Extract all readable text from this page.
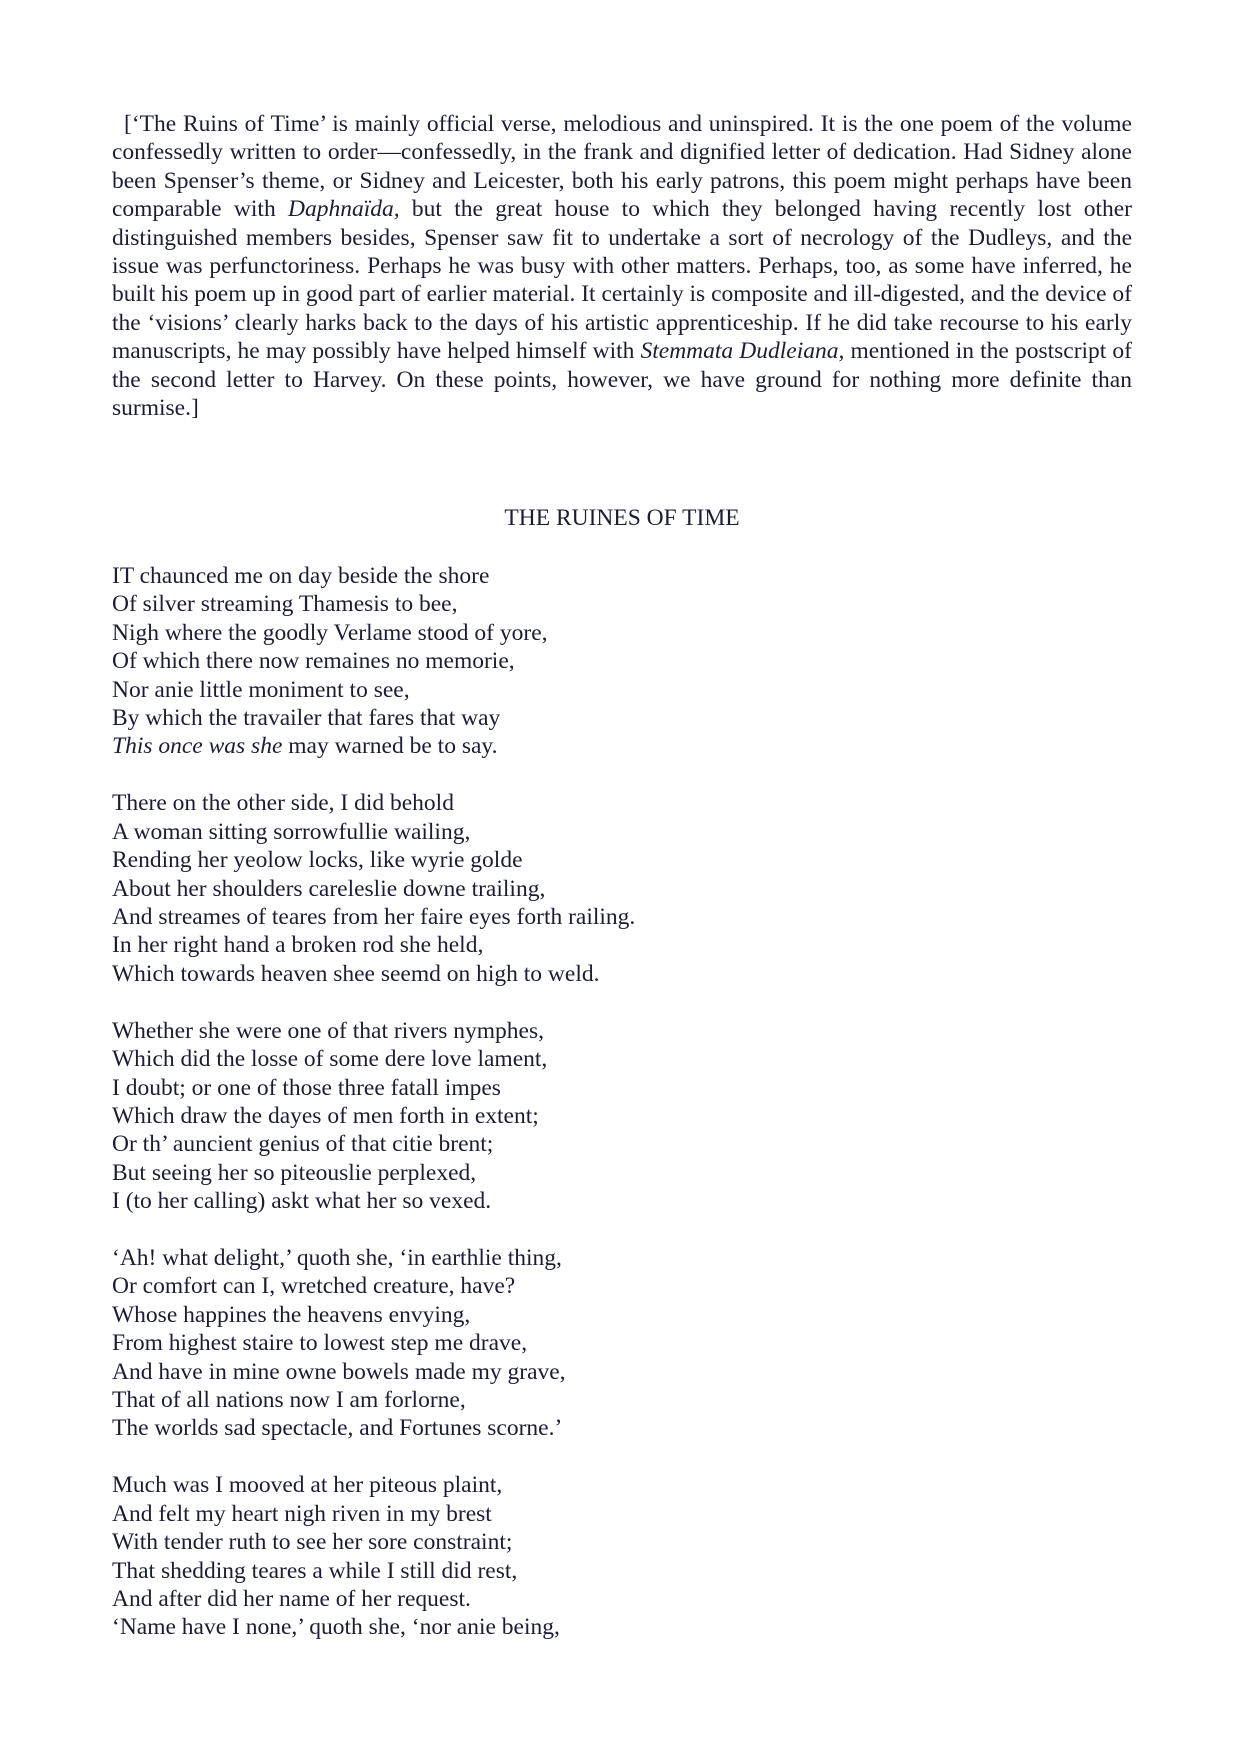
[‘The Ruins of Time’ is mainly official verse, melodious and uninspired. It is the one poem of the volume confessedly written to order—confessedly, in the frank and dignified letter of dedication. Had Sidney alone been Spenser’s theme, or Sidney and Leicester, both his early patrons, this poem might perhaps have been comparable with Daphnaïda, but the great house to which they belonged having recently lost other distinguished members besides, Spenser saw fit to undertake a sort of necrology of the Dudleys, and the issue was perfunctoriness. Perhaps he was busy with other matters. Perhaps, too, as some have inferred, he built his poem up in good part of earlier material. It certainly is composite and ill-digested, and the device of the ‘visions’ clearly harks back to the days of his artistic apprenticeship. If he did take recourse to his early manuscripts, he may possibly have helped himself with Stemmata Dudleiana, mentioned in the postscript of the second letter to Harvey. On these points, however, we have ground for nothing more definite than surmise.]

THE RUINES OF TIME
IT chaunced me on day beside the shore
Of silver streaming Thamesis to bee,
Nigh where the goodly Verlame stood of yore,
Of which there now remaines no memorie,
Nor anie little moniment to see,
By which the travailer that fares that way
This once was she may warned be to say.
There on the other side, I did behold
A woman sitting sorrowfullie wailing,
Rending her yeolow locks, like wyrie golde
About her shoulders careleslie downe trailing,
And streames of teares from her faire eyes forth railing.
In her right hand a broken rod she held,
Which towards heaven shee seemd on high to weld.
Whether she were one of that rivers nymphes,
Which did the losse of some dere love lament,
I doubt; or one of those three fatall impes
Which draw the dayes of men forth in extent;
Or th’ auncient genius of that citie brent;
But seeing her so piteouslie perplexed,
I (to her calling) askt what her so vexed.
‘Ah! what delight,’ quoth she, ‘in earthlie thing,
Or comfort can I, wretched creature, have?
Whose happines the heavens envying,
From highest staire to lowest step me drave,
And have in mine owne bowels made my grave,
That of all nations now I am forlorne,
The worlds sad spectacle, and Fortunes scorne.’
Much was I mooved at her piteous plaint,
And felt my heart nigh riven in my brest
With tender ruth to see her sore constraint;
That shedding teares a while I still did rest,
And after did her name of her request.
‘Name have I none,’ quoth she, ‘nor anie being,
